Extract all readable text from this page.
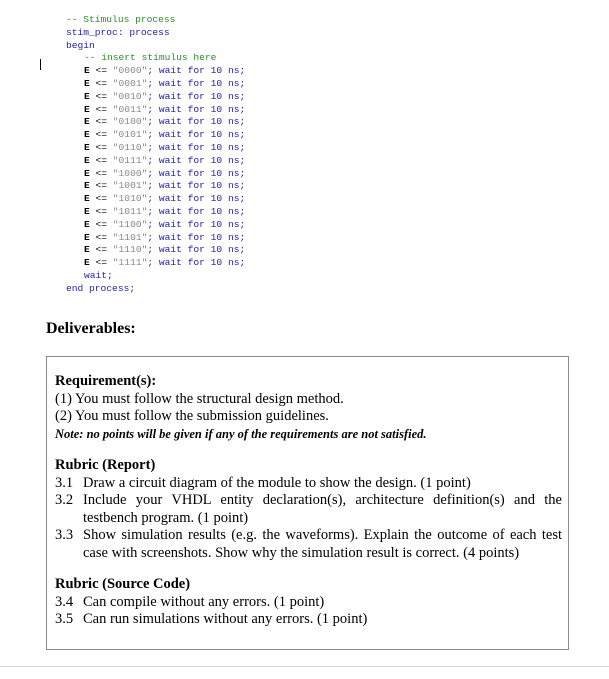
-- Stimulus process
stim_proc: process
begin
-- insert stimulus here
E <= "0000"; wait for 10 ns;
E <= "0001"; wait for 10 ns;
E <= "0010"; wait for 10 ns;
E <= "0011"; wait for 10 ns;
E <= "0100"; wait for 10 ns;
E <= "0101"; wait for 10 ns;
E <= "0110"; wait for 10 ns;
E <= "0111"; wait for 10 ns;
E <= "1000"; wait for 10 ns;
E <= "1001"; wait for 10 ns;
E <= "1010"; wait for 10 ns;
E <= "1011"; wait for 10 ns;
E <= "1100"; wait for 10 ns;
E <= "1101"; wait for 10 ns;
E <= "1110"; wait for 10 ns;
E <= "1111"; wait for 10 ns;
wait;
end process;
Deliverables:
Requirement(s):
(1) You must follow the structural design method.
(2) You must follow the submission guidelines.
Note: no points will be given if any of the requirements are not satisfied.
Rubric (Report)
3.1 Draw a circuit diagram of the module to show the design. (1 point)
3.2 Include your VHDL entity declaration(s), architecture definition(s) and the testbench program. (1 point)
3.3 Show simulation results (e.g. the waveforms). Explain the outcome of each test case with screenshots. Show why the simulation result is correct. (4 points)
Rubric (Source Code)
3.4 Can compile without any errors. (1 point)
3.5 Can run simulations without any errors. (1 point)
